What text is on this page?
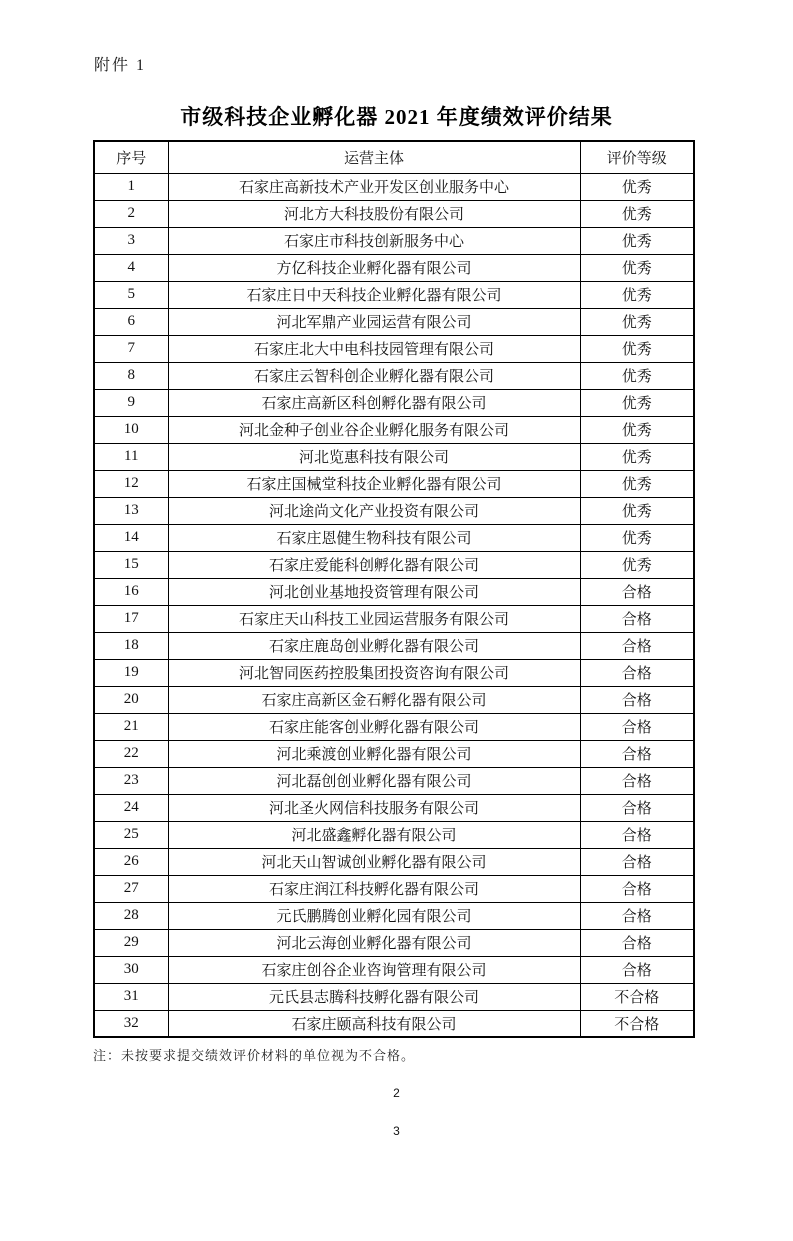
附件 1
市级科技企业孵化器 2021 年度绩效评价结果
序号	运营主体	评价等级
1	石家庄高新技术产业开发区创业服务中心	优秀
2	河北方大科技股份有限公司	优秀
3	石家庄市科技创新服务中心	优秀
4	方亿科技企业孵化器有限公司	优秀
5	石家庄日中天科技企业孵化器有限公司	优秀
6	河北军鼎产业园运营有限公司	优秀
7	石家庄北大中电科技园管理有限公司	优秀
8	石家庄云智科创企业孵化器有限公司	优秀
9	石家庄高新区科创孵化器有限公司	优秀
10	河北金种子创业谷企业孵化服务有限公司	优秀
11	河北览惠科技有限公司	优秀
12	石家庄国械堂科技企业孵化器有限公司	优秀
13	河北途尚文化产业投资有限公司	优秀
14	石家庄恩健生物科技有限公司	优秀
15	石家庄爱能科创孵化器有限公司	优秀
16	河北创业基地投资管理有限公司	合格
17	石家庄天山科技工业园运营服务有限公司	合格
18	石家庄鹿岛创业孵化器有限公司	合格
19	河北智同医药控股集团投资咨询有限公司	合格
20	石家庄高新区金石孵化器有限公司	合格
21	石家庄能客创业孵化器有限公司	合格
22	河北乘渡创业孵化器有限公司	合格
23	河北磊创创业孵化器有限公司	合格
24	河北圣火网信科技服务有限公司	合格
25	河北盛鑫孵化器有限公司	合格
26	河北天山智诚创业孵化器有限公司	合格
27	石家庄润江科技孵化器有限公司	合格
28	元氏鹏腾创业孵化园有限公司	合格
29	河北云海创业孵化器有限公司	合格
30	石家庄创谷企业咨询管理有限公司	合格
31	元氏县志腾科技孵化器有限公司	不合格
32	石家庄颐高科技有限公司	不合格
注：未按要求提交绩效评价材料的单位视为不合格。
2
3
